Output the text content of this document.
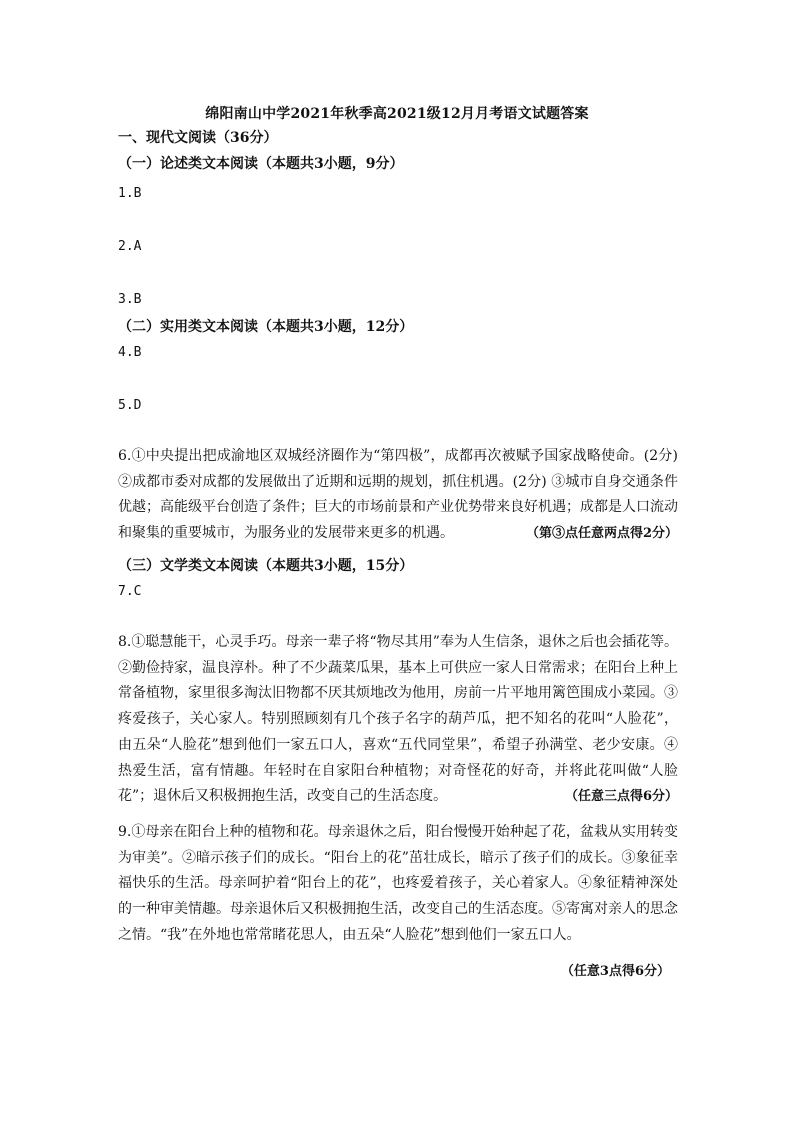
绵阳南山中学2021年秋季高2021级12月月考语文试题答案
一、现代文阅读（36分）
（一）论述类文本阅读（本题共3小题，9分）
1.B
2.A
3.B
（二）实用类文本阅读（本题共3小题，12分）
4.B
5.D
6.①中央提出把成渝地区双城经济圈作为“第四极”，成都再次被赋予国家战略使命。(2分) ②成都市委对成都的发展做出了近期和远期的规划，抓住机遇。(2分) ③城市自身交通条件优越；高能级平台创造了条件；巨大的市场前景和产业优势带来良好机遇；成都是人口流动和聚集的重要城市，为服务业的发展带来更多的机遇。	（第③点任意两点得2分）
（三）文学类文本阅读（本题共3小题，15分）
7.C
8.①聪慧能干，心灵手巧。母亲一辈子将“物尽其用”奉为人生信条，退休之后也会插花等。②勤俭持家，温良淳朴。种了不少蔬菜瓜果，基本上可供应一家人日常需求；在阳台上种上常备植物，家里很多淘汰旧物都不厌其烦地改为他用，房前一片平地用篱笆围成小菜园。③疼爱孩子，关心家人。特别照顾刻有几个孩子名字的葫芦瓜，把不知名的花叫“人脸花”，由五朵“人脸花”想到他们一家五口人，喜欢“五代同堂果”，希望子孙满堂、老少安康。④热爱生活，富有情趣。年轻时在自家阳台种植物；对奇怪花的好奇，并将此花叫做“人脸花”；退休后又积极拥抱生活，改变自己的生活态度。	（任意三点得6分）
9.①母亲在阳台上种的植物和花。母亲退休之后，阳台慢慢开始种起了花，盆栽从实用转变为审美”。②暗示孩子们的成长。“阳台上的花”茁壮成长，暗示了孩子们的成长。③象征幸福快乐的生活。母亲呵护着“阳台上的花”，也疼爱着孩子，关心着家人。④象征精神深处的一种审美情趣。母亲退休后又积极拥抱生活，改变自己的生活态度。⑤寄寓对亲人的思念之情。“我”在外地也常常睹花思人，由五朵“人脸花”想到他们一家五口人。
（任意3点得6分）
